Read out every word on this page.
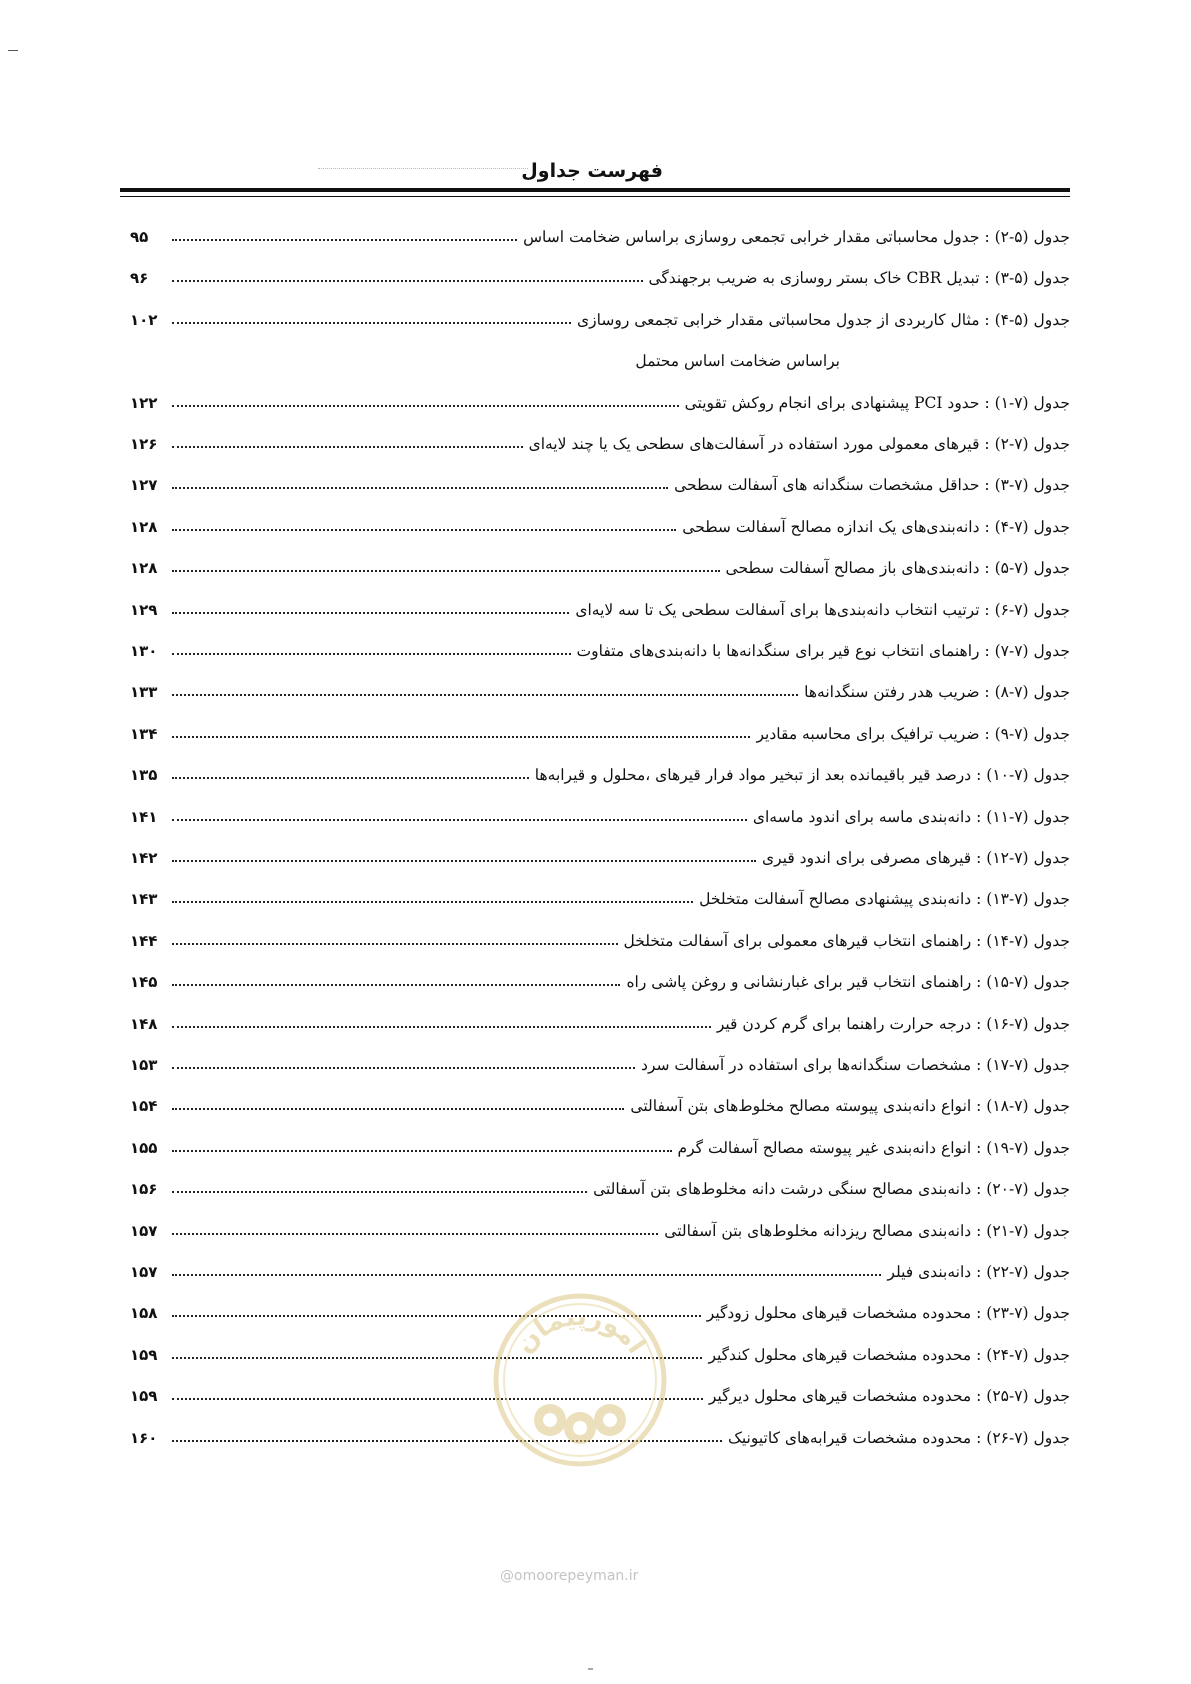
فهرست جداول
جدول (۵-۲) : جدول محاسباتی مقدار خرابی تجمعی روسازی براساس ضخامت اساس
۹۵
جدول (۵-۳) : تبدیل CBR خاک بستر روسازی به ضریب برجهندگی
۹۶
جدول (۵-۴) : مثال کاربردی از جدول محاسباتی مقدار خرابی تجمعی روسازی
۱۰۲
براساس ضخامت اساس محتمل
جدول (۷-۱) : حدود PCI پیشنهادی برای انجام روکش تقویتی
۱۲۲
جدول (۷-۲) : قیرهای معمولی مورد استفاده در آسفالت‌های سطحی یک یا چند لایه‌ای
۱۲۶
جدول (۷-۳) : حداقل مشخصات سنگدانه های آسفالت سطحی
۱۲۷
جدول (۷-۴) : دانه‌بندی‌های یک اندازه مصالح آسفالت سطحی
۱۲۸
جدول (۷-۵) : دانه‌بندی‌های باز مصالح آسفالت سطحی
۱۲۸
جدول (۷-۶) : ترتیب انتخاب دانه‌بندی‌ها برای آسفالت سطحی یک تا سه لایه‌ای
۱۲۹
جدول (۷-۷) : راهنمای انتخاب نوع قیر برای سنگدانه‌ها با دانه‌بندی‌های متفاوت
۱۳۰
جدول (۷-۸) : ضریب هدر رفتن سنگدانه‌ها
۱۳۳
جدول (۷-۹) : ضریب ترافیک برای محاسبه مقادیر
۱۳۴
جدول (۷-۱۰) : درصد قیر باقیمانده بعد از تبخیر مواد فرار قیرهای ،محلول و قیرابه‌ها
۱۳۵
جدول (۷-۱۱) : دانه‌بندی ماسه برای اندود ماسه‌ای
۱۴۱
جدول (۷-۱۲) : قیرهای مصرفی برای اندود قیری
۱۴۲
جدول (۷-۱۳) : دانه‌بندی پیشنهادی مصالح آسفالت متخلخل
۱۴۳
جدول (۷-۱۴) : راهنمای انتخاب قیرهای معمولی برای آسفالت متخلخل
۱۴۴
جدول (۷-۱۵) : راهنمای انتخاب قیر برای غبارنشانی و روغن پاشی راه
۱۴۵
جدول (۷-۱۶) : درجه حرارت راهنما برای گرم کردن قیر
۱۴۸
جدول (۷-۱۷) : مشخصات سنگدانه‌ها برای استفاده در آسفالت سرد
۱۵۳
جدول (۷-۱۸) : انواع دانه‌بندی پیوسته مصالح مخلوط‌های بتن آسفالتی
۱۵۴
جدول (۷-۱۹) : انواع دانه‌بندی غیر پیوسته مصالح آسفالت گرم
۱۵۵
جدول (۷-۲۰) : دانه‌بندی مصالح سنگی درشت دانه مخلوط‌های بتن آسفالتی
۱۵۶
جدول (۷-۲۱) : دانه‌بندی مصالح ریزدانه مخلوط‌های بتن آسفالتی
۱۵۷
جدول (۷-۲۲) : دانه‌بندی فیلر
۱۵۷
جدول (۷-۲۳) : محدوده مشخصات قیرهای محلول زودگیر
۱۵۸
جدول (۷-۲۴) : محدوده مشخصات قیرهای محلول کندگیر
۱۵۹
جدول (۷-۲۵) : محدوده مشخصات قیرهای محلول دیرگیر
۱۵۹
جدول (۷-۲۶) : محدوده مشخصات قیرابه‌های کاتیونیک
۱۶۰
امورپیمان
@omoorepeyman.ir
